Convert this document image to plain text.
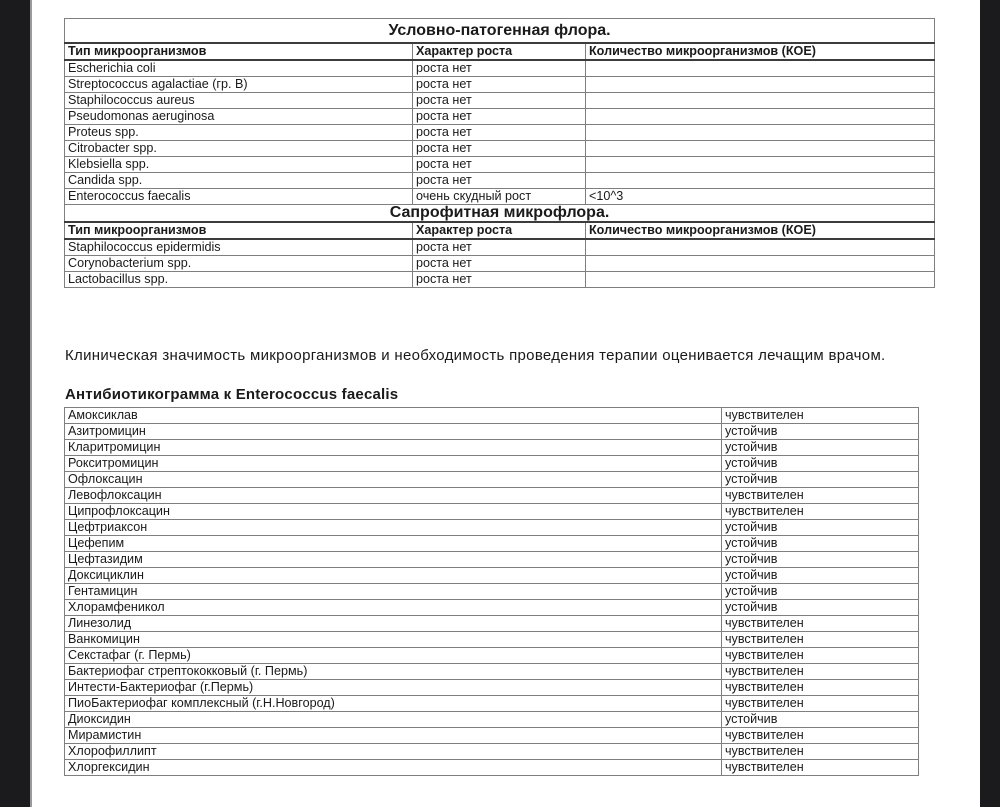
Условно-патогенная флора.		
Тип микроорганизмов	Характер роста	Количество микроорганизмов (КОЕ)
Escherichia coli	роста нет	
Streptococcus agalactiae (гр. B)	роста нет	
Staphilococcus aureus	роста нет	
Pseudomonas aeruginosa	роста нет	
Proteus spp.	роста нет	
Citrobacter spp.	роста нет	
Klebsiella spp.	роста нет	
Candida spp.	роста нет	
Enterococcus faecalis	очень скудный рост	<10^3
Сапрофитная микрофлора.		
Тип микроорганизмов	Характер роста	Количество микроорганизмов (КОЕ)
Staphilococcus epidermidis	роста нет	
Corynobacterium spp.	роста нет	
Lactobacillus spp.	роста нет	
Клиническая значимость микроорганизмов и необходимость проведения терапии оценивается лечащим врачом.
Антибиотикограмма к Enterococcus faecalis
Амоксиклав	чувствителен
Азитромицин	устойчив
Кларитромицин	устойчив
Рокситромицин	устойчив
Офлоксацин	устойчив
Левофлоксацин	чувствителен
Ципрофлоксацин	чувствителен
Цефтриаксон	устойчив
Цефепим	устойчив
Цефтазидим	устойчив
Доксициклин	устойчив
Гентамицин	устойчив
Хлорамфеникол	устойчив
Линезолид	чувствителен
Ванкомицин	чувствителен
Секстафаг (г. Пермь)	чувствителен
Бактериофаг стрептококковый (г. Пермь)	чувствителен
Интести-Бактериофаг (г.Пермь)	чувствителен
ПиоБактериофаг комплексный (г.Н.Новгород)	чувствителен
Диоксидин	устойчив
Мирамистин	чувствителен
Хлорофиллипт	чувствителен
Хлоргексидин	чувствителен
